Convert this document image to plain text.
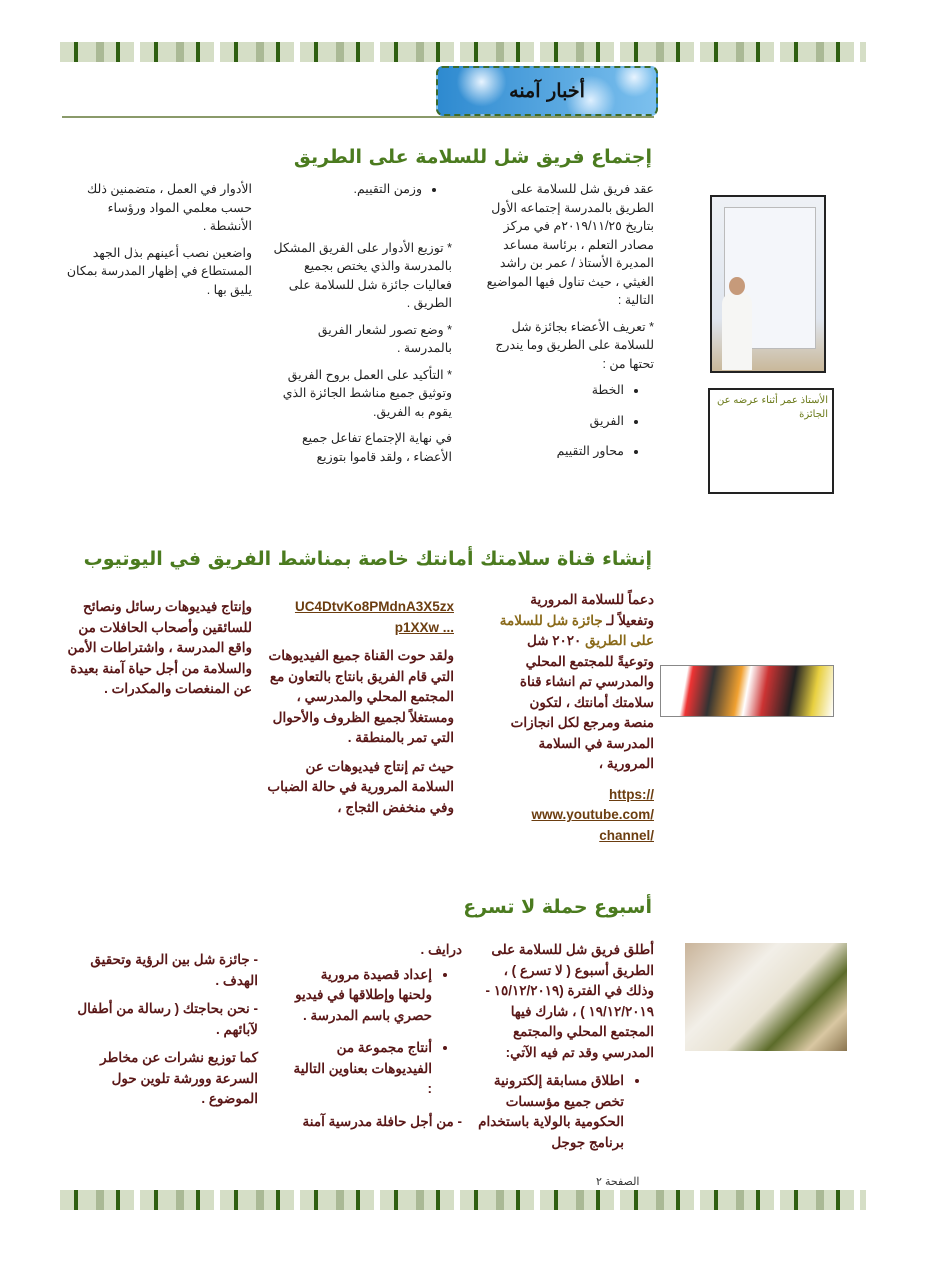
أخبار آمنه
إجتماع فريق شل للسلامة على الطريق
الأستاذ عمر أثناء عرضه عن الجائزة

عقد فريق شل للسلامة على الطريق بالمدرسة إجتماعه الأول بتاريخ ٢٠١٩/١١/٢٥م في مركز مصادر التعلم ، برئاسة مساعد المديرة الأستاذ / عمر بن راشد الغيثي ، حيث تناول فيها المواضيع التالية :

* تعريف الأعضاء بجائزة شل للسلامة على الطريق وما يندرج تحتها من :

• الخطة
• الفريق
• محاور التقييم
• وزمن التقييم.

* توزيع الأدوار على الفريق المشكل بالمدرسة والذي يختص بجميع فعاليات جائزة شل للسلامة على الطريق .

* وضع تصور لشعار الفريق بالمدرسة .

* التأكيد على العمل بروح الفريق وتوثيق جميع مناشط الجائزة الذي يقوم به الفريق.

في نهاية الإجتماع تفاعل جميع الأعضاء ، ولقد قاموا بتوزيع

الأدوار في العمل ، متضمنين ذلك حسب معلمي المواد ورؤساء الأنشطة .

واضعين نصب أعينهم بذل الجهد المستطاع في إظهار المدرسة بمكان يليق بها .

إنشاء قناة سلامتك أمانتك خاصة بمناشط الفريق في اليوتيوب

دعماً للسلامة المرورية وتفعيلاً لـ جائزة شل للسلامة على الطريق ٢٠٢٠ شل وتوعيةً للمجتمع المحلي والمدرسي تم انشاء قناة سلامتك أمانتك ، لتكون منصة ومرجع لكل انجازات المدرسة في السلامة المرورية ،

https://
www.youtube.com/
channel/

UC4DtvKo8PMdnA3X5zx
p1XXw ...

ولقد حوت القناة جميع الفيديوهات التي قام الفريق بانتاج بالتعاون مع المجتمع المحلي والمدرسي ، ومستغلاً لجميع الظروف والأحوال التي تمر بالمنطقة .

حيث تم إنتاج فيديوهات عن السلامة المرورية في حالة الضباب وفي منخفض الثجاج ،

وإنتاج فيديوهات رسائل ونصائح للسائقين وأصحاب الحافلات من واقع المدرسة ، واشتراطات الأمن والسلامة من أجل حياة آمنة بعيدة عن المنغصات والمكدرات .

أسبوع حملة لا تسرع

أطلق فريق شل للسلامة على الطريق أسبوع ( لا تسرع ) ، وذلك في الفترة (١٥/١٢/٢٠١٩ - ١٩/١٢/٢٠١٩ ) ، شارك فيها المجتمع المحلي والمجتمع المدرسي وقد تم فيه الآتي:

• اطلاق مسابقة إلكترونية تخص جميع مؤسسات الحكومية بالولاية باستخدام برنامج جوجل

درايف .

• إعداد قصيدة مرورية ولحنها وإطلاقها في فيديو حصري باسم المدرسة .
• أنتاج مجموعة من الفيديوهات بعناوين التالية :

- من أجل حافلة مدرسية آمنة

- جائزة شل بين الرؤية وتحقيق الهدف .

- نحن بحاجتك ( رسالة من أطفال لآبائهم .

كما توزيع نشرات عن مخاطر السرعة وورشة تلوين حول الموضوع .

الصفحة ٢
